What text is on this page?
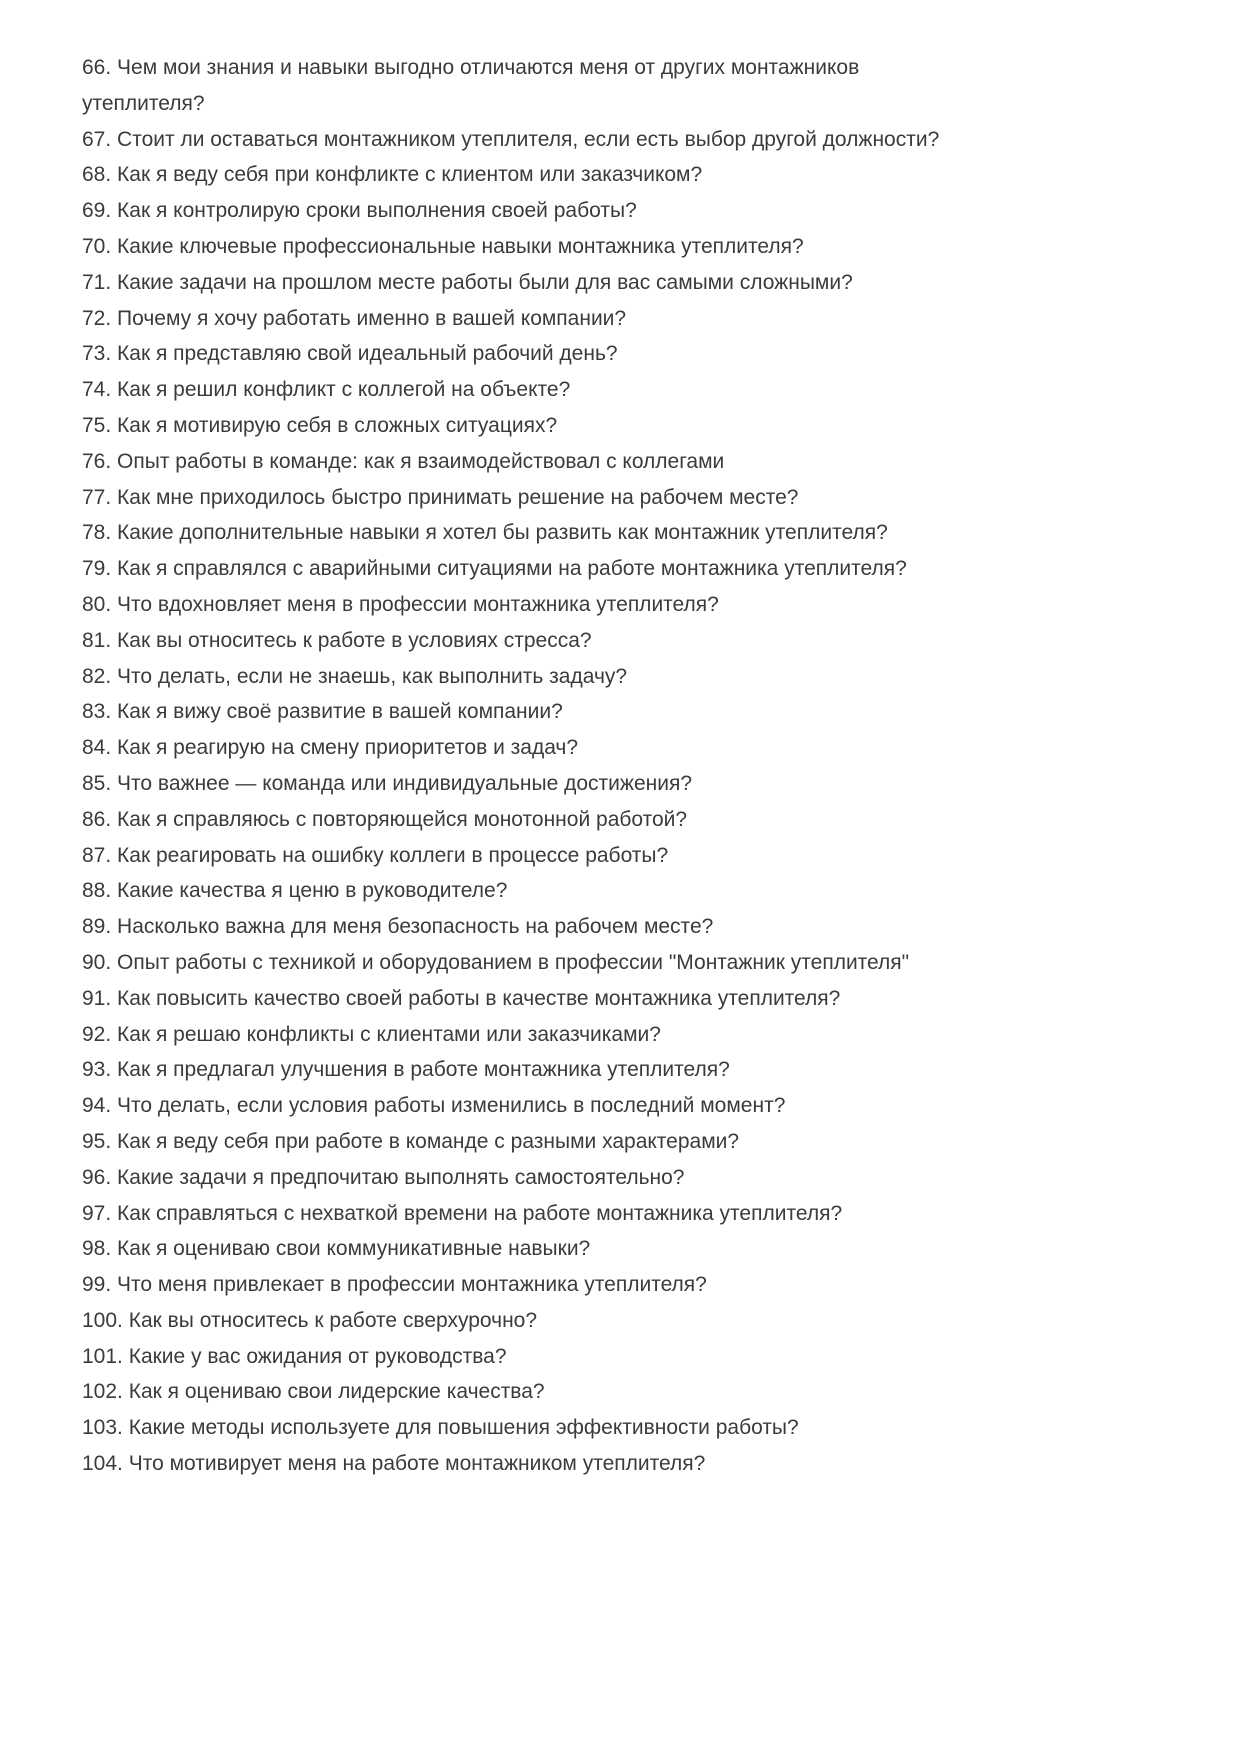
66. Чем мои знания и навыки выгодно отличаются меня от других монтажников утеплителя?

67. Стоит ли оставаться монтажником утеплителя, если есть выбор другой должности?

68. Как я веду себя при конфликте с клиентом или заказчиком?

69. Как я контролирую сроки выполнения своей работы?

70. Какие ключевые профессиональные навыки монтажника утеплителя?

71. Какие задачи на прошлом месте работы были для вас самыми сложными?

72. Почему я хочу работать именно в вашей компании?

73. Как я представляю свой идеальный рабочий день?

74. Как я решил конфликт с коллегой на объекте?

75. Как я мотивирую себя в сложных ситуациях?

76. Опыт работы в команде: как я взаимодействовал с коллегами

77. Как мне приходилось быстро принимать решение на рабочем месте?

78. Какие дополнительные навыки я хотел бы развить как монтажник утеплителя?

79. Как я справлялся с аварийными ситуациями на работе монтажника утеплителя?

80. Что вдохновляет меня в профессии монтажника утеплителя?

81. Как вы относитесь к работе в условиях стресса?

82. Что делать, если не знаешь, как выполнить задачу?

83. Как я вижу своё развитие в вашей компании?

84. Как я реагирую на смену приоритетов и задач?

85. Что важнее — команда или индивидуальные достижения?

86. Как я справляюсь с повторяющейся монотонной работой?

87. Как реагировать на ошибку коллеги в процессе работы?

88. Какие качества я ценю в руководителе?

89. Насколько важна для меня безопасность на рабочем месте?

90. Опыт работы с техникой и оборудованием в профессии "Монтажник утеплителя"

91. Как повысить качество своей работы в качестве монтажника утеплителя?

92. Как я решаю конфликты с клиентами или заказчиками?

93. Как я предлагал улучшения в работе монтажника утеплителя?

94. Что делать, если условия работы изменились в последний момент?

95. Как я веду себя при работе в команде с разными характерами?

96. Какие задачи я предпочитаю выполнять самостоятельно?

97. Как справляться с нехваткой времени на работе монтажника утеплителя?

98. Как я оцениваю свои коммуникативные навыки?

99. Что меня привлекает в профессии монтажника утеплителя?

100. Как вы относитесь к работе сверхурочно?

101. Какие у вас ожидания от руководства?

102. Как я оцениваю свои лидерские качества?

103. Какие методы используете для повышения эффективности работы?

104. Что мотивирует меня на работе монтажником утеплителя?
